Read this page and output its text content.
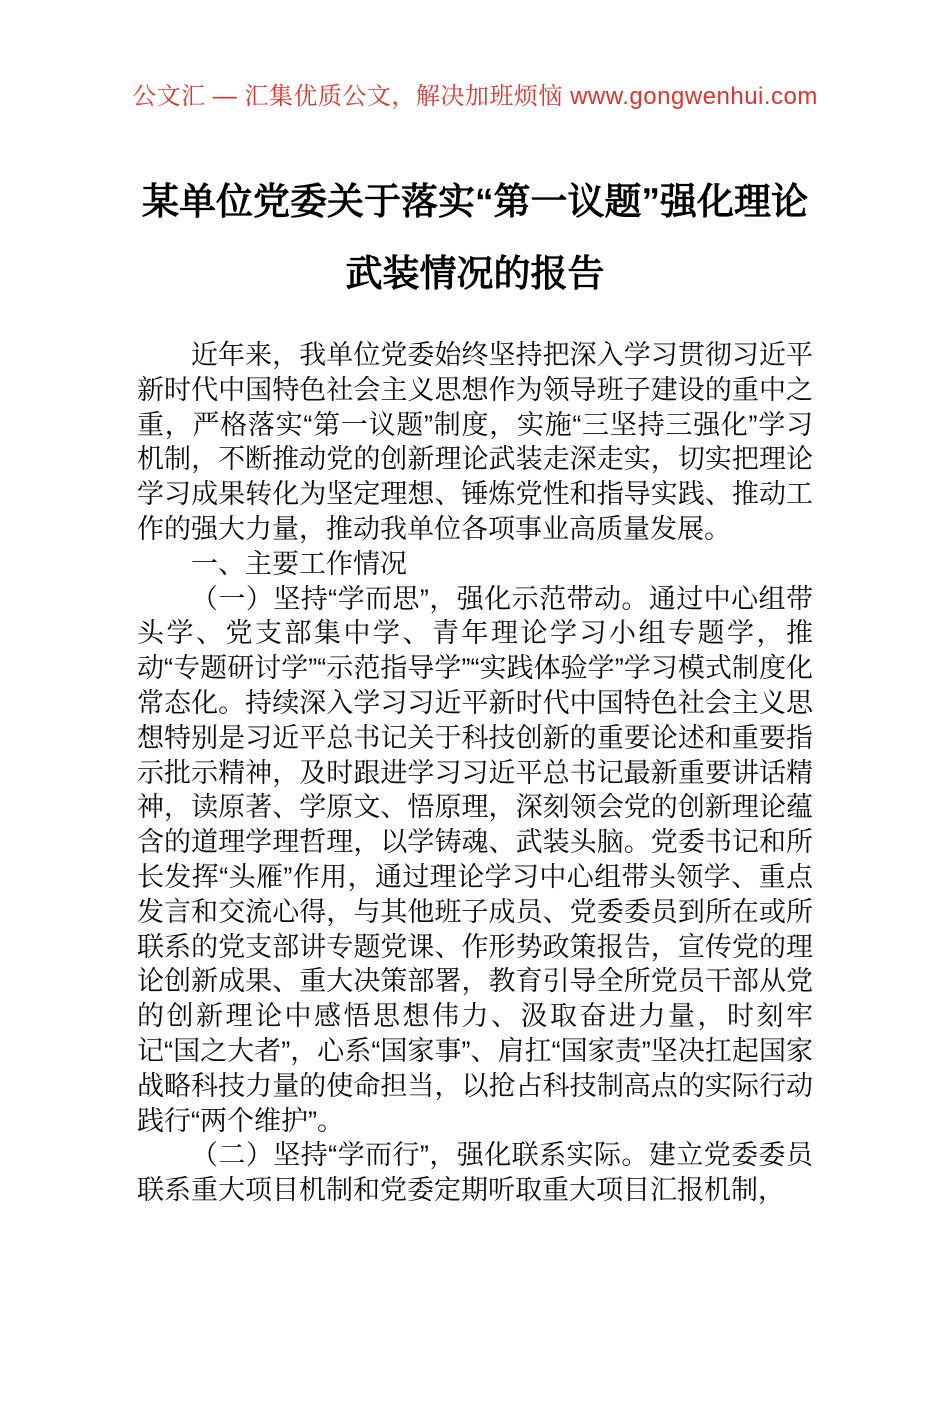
公文汇 — 汇集优质公文，解决加班烦恼 www.gongwenhui.com
某单位党委关于落实“第一议题”强化理论武装情况的报告

近年来，我单位党委始终坚持把深入学习贯彻习近平新时代中国特色社会主义思想作为领导班子建设的重中之重，严格落实“第一议题”制度，实施“三坚持三强化”学习机制，不断推动党的创新理论武装走深走实，切实把理论学习成果转化为坚定理想、锤炼党性和指导实践、推动工作的强大力量，推动我单位各项事业高质量发展。

一、主要工作情况

（一）坚持“学而思”，强化示范带动。通过中心组带头学、党支部集中学、青年理论学习小组专题学，推动“专题研讨学”“示范指导学”“实践体验学”学习模式制度化常态化。持续深入学习习近平新时代中国特色社会主义思想特别是习近平总书记关于科技创新的重要论述和重要指示批示精神，及时跟进学习习近平总书记最新重要讲话精神，读原著、学原文、悟原理，深刻领会党的创新理论蕴含的道理学理哲理，以学铸魂、武装头脑。党委书记和所长发挥“头雁”作用，通过理论学习中心组带头领学、重点发言和交流心得，与其他班子成员、党委委员到所在或所联系的党支部讲专题党课、作形势政策报告，宣传党的理论创新成果、重大决策部署，教育引导全所党员干部从党的创新理论中感悟思想伟力、汲取奋进力量，时刻牢记“国之大者”，心系“国家事”、肩扛“国家责”坚决扛起国家战略科技力量的使命担当，以抢占科技制高点的实际行动践行“两个维护”。

（二）坚持“学而行”，强化联系实际。建立党委委员联系重大项目机制和党委定期听取重大项目汇报机制，
